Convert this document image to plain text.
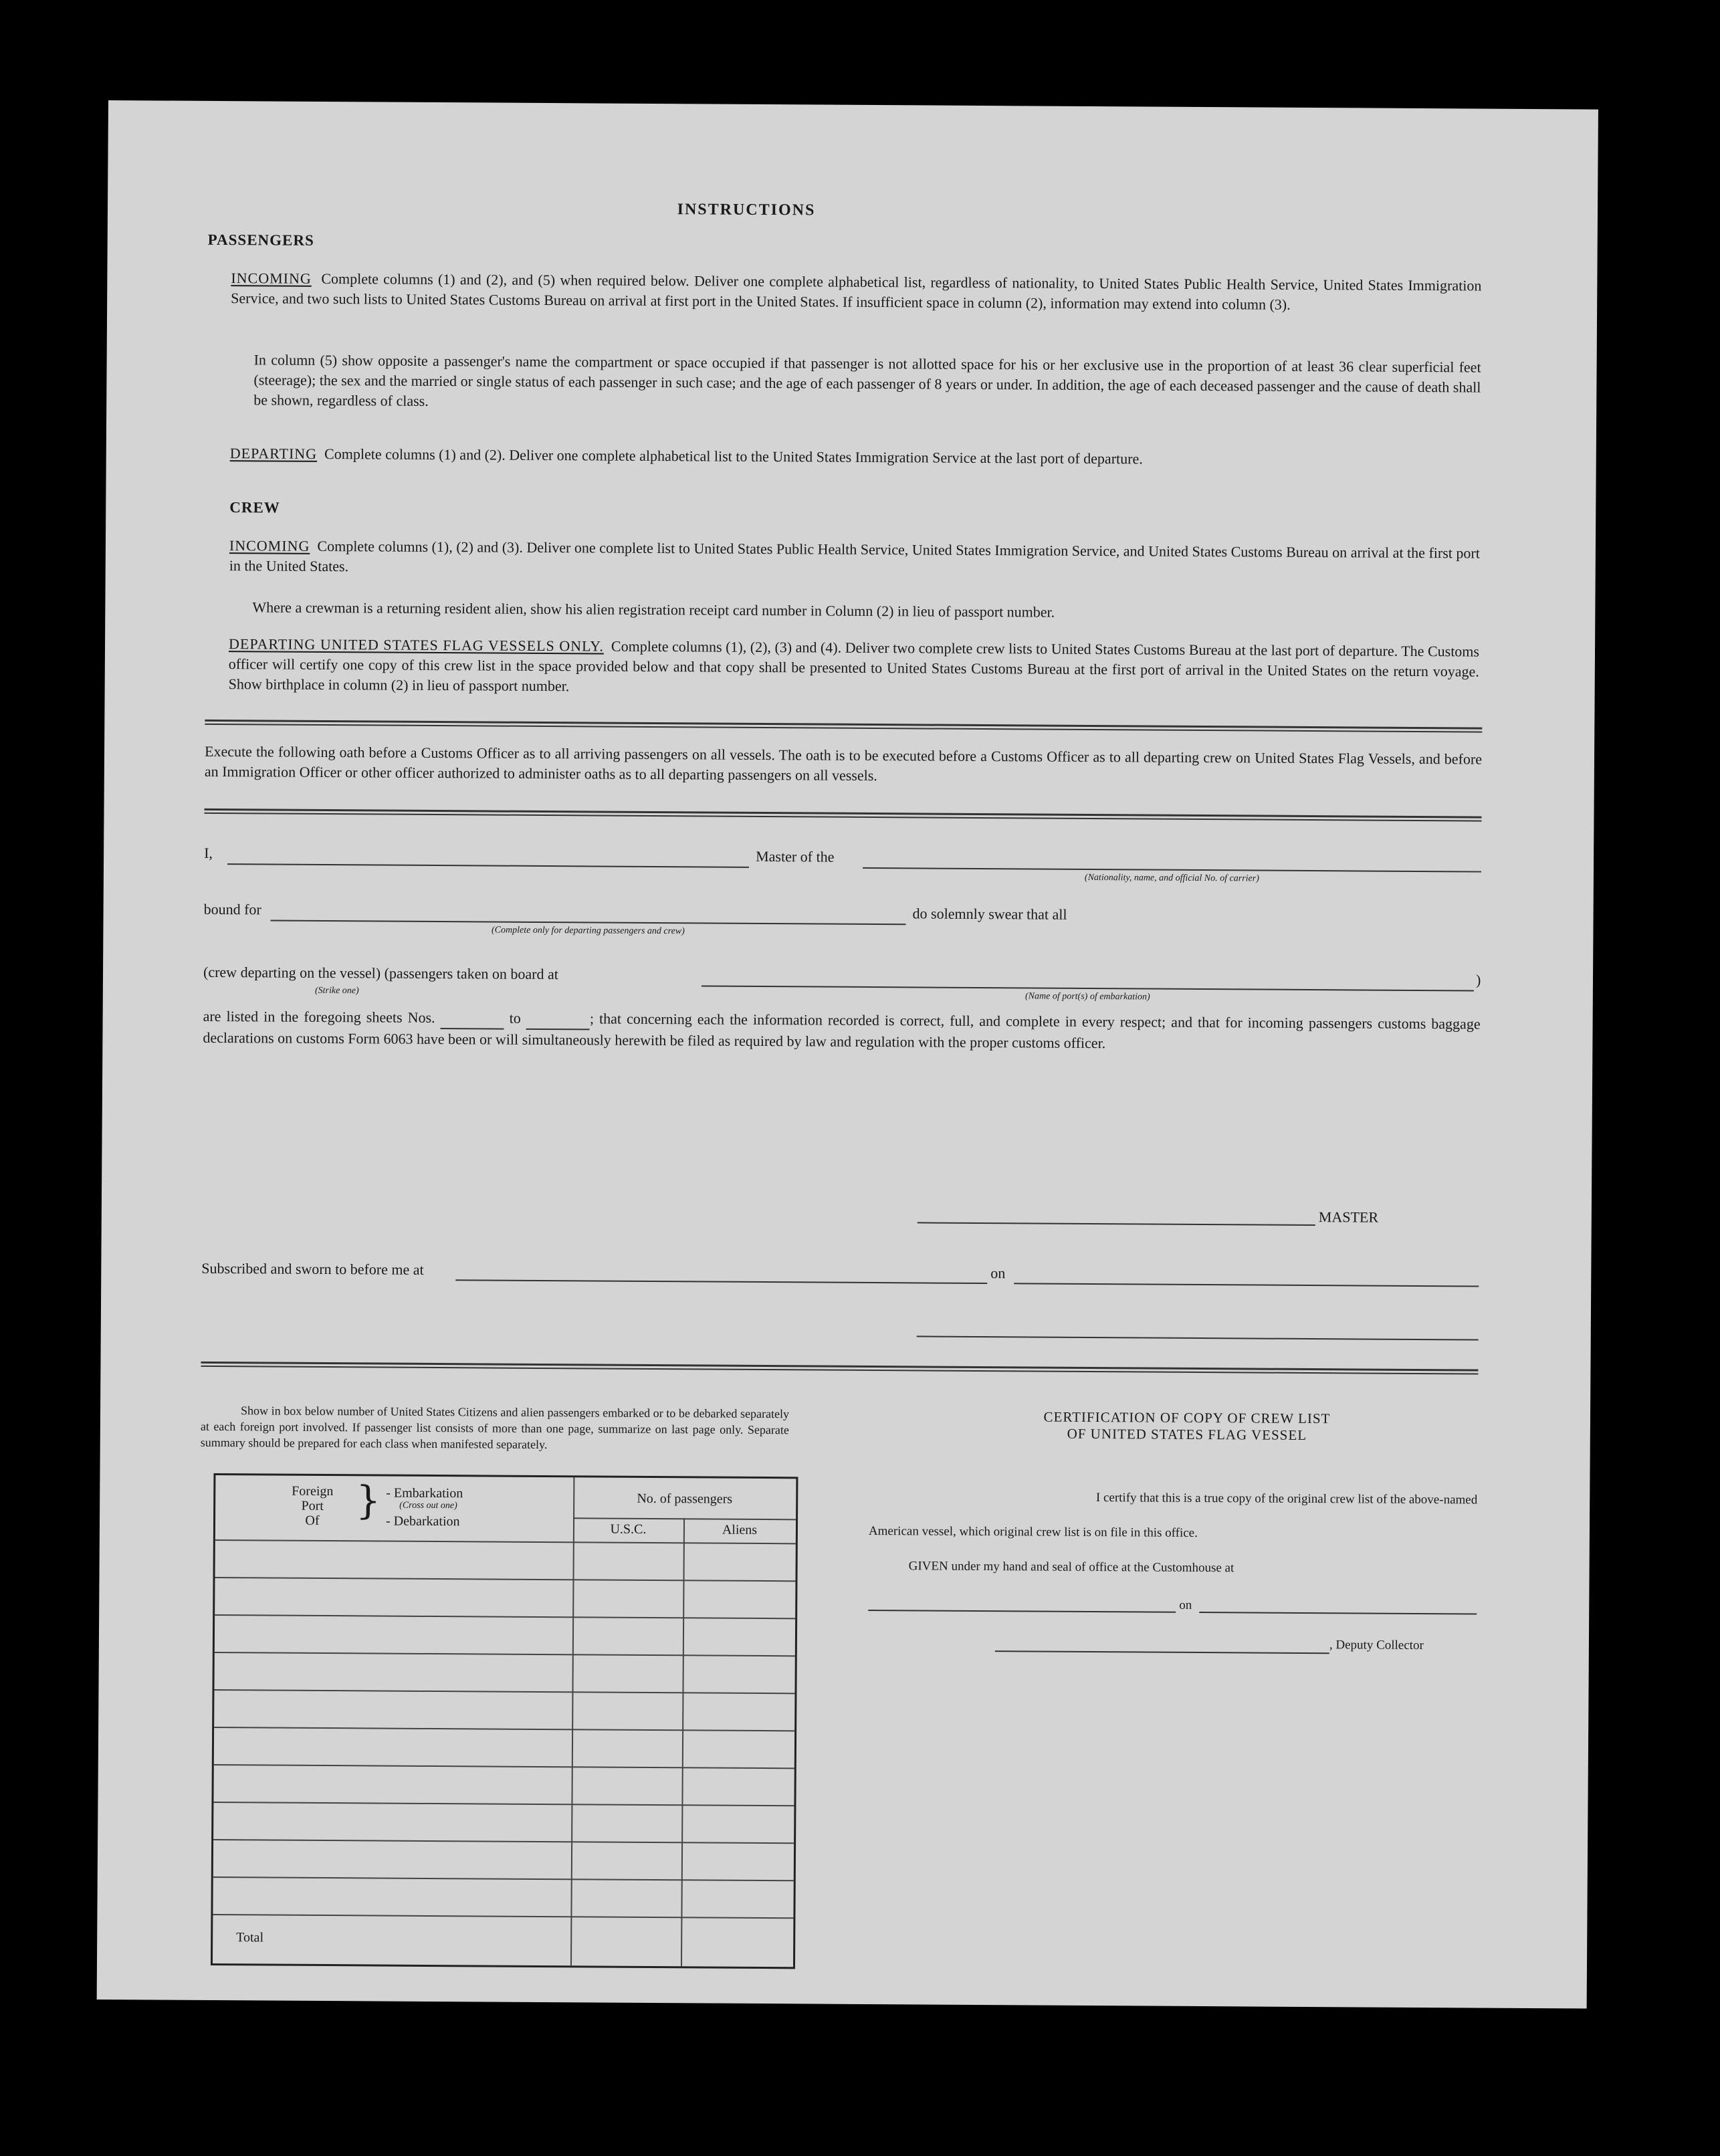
INSTRUCTIONS
PASSENGERS
INCOMING Complete columns (1) and (2), and (5) when required below. Deliver one complete alphabetical list, regardless of nationality, to United States Public Health Service, United States Immigration Service, and two such lists to United States Customs Bureau on arrival at first port in the United States. If insufficient space in column (2), information may extend into column (3).
In column (5) show opposite a passenger's name the compartment or space occupied if that passenger is not allotted space for his or her exclusive use in the proportion of at least 36 clear superficial feet (steerage); the sex and the married or single status of each passenger in such case; and the age of each passenger of 8 years or under. In addition, the age of each deceased passenger and the cause of death shall be shown, regardless of class.
DEPARTING Complete columns (1) and (2). Deliver one complete alphabetical list to the United States Immigration Service at the last port of departure.
CREW
INCOMING Complete columns (1), (2) and (3). Deliver one complete list to United States Public Health Service, United States Immigration Service, and United States Customs Bureau on arrival at the first port in the United States.
Where a crewman is a returning resident alien, show his alien registration receipt card number in Column (2) in lieu of passport number.
DEPARTING UNITED STATES FLAG VESSELS ONLY. Complete columns (1), (2), (3) and (4). Deliver two complete crew lists to United States Customs Bureau at the last port of departure. The Customs officer will certify one copy of this crew list in the space provided below and that copy shall be presented to United States Customs Bureau at the first port of arrival in the United States on the return voyage. Show birthplace in column (2) in lieu of passport number.
Execute the following oath before a Customs Officer as to all arriving passengers on all vessels. The oath is to be executed before a Customs Officer as to all departing crew on United States Flag Vessels, and before an Immigration Officer or other officer authorized to administer oaths as to all departing passengers on all vessels.
I,	Master of the
(Nationality, name, and official No. of carrier)
bound for
(Complete only for departing passengers and crew)
do solemnly swear that all
(crew departing on the vessel) (passengers taken on board at
(Strike one)
)
(Name of port(s) of embarkation)
are listed in the foregoing sheets Nos.	to	; that concerning each the information recorded is correct, full, and complete in every respect; and that for incoming passengers customs baggage declarations on customs Form 6063 have been or will simultaneously herewith be filed as required by law and regulation with the proper customs officer.
MASTER
Subscribed and sworn to before me at	on
Show in box below number of United States Citizens and alien passengers embarked or to be debarked separately at each foreign port involved. If passenger list consists of more than one page, summarize on last page only. Separate summary should be prepared for each class when manifested separately.
Foreign
Port
Of } - Embarkation
(Cross out one)
- Debarkation
No. of passengers
U.S.C.	Aliens
Total
CERTIFICATION OF COPY OF CREW LIST
OF UNITED STATES FLAG VESSEL
I certify that this is a true copy of the original crew list of the above-named
American vessel, which original crew list is on file in this office.
GIVEN under my hand and seal of office at the Customhouse at
on
, Deputy Collector
